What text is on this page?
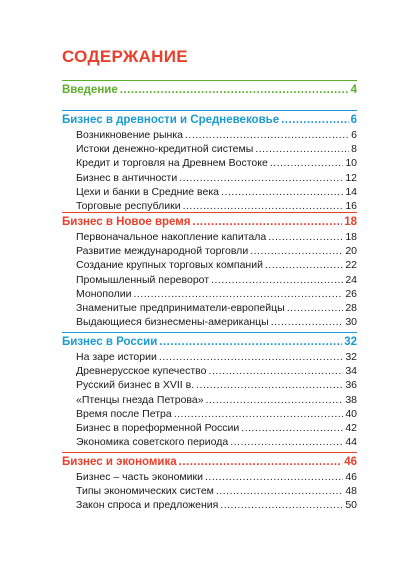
СОДЕРЖАНИЕ
Введение .....	4
Бизнес в древности и Средневековье .....	6
Возникновение рынка .....	6
Истоки денежно-кредитной системы .....	8
Кредит и торговля на Древнем Востоке .....	10
Бизнес в античности .....	12
Цехи и банки в Средние века .....	14
Торговые республики .....	16
Бизнес в Новое время .....	18
Первоначальное накопление капитала .....	18
Развитие международной торговли .....	20
Создание крупных торговых компаний .....	22
Промышленный переворот .....	24
Монополии .....	26
Знаменитые предприниматели-европейцы .....	28
Выдающиеся бизнесмены-американцы .....	30
Бизнес в России .....	32
На заре истории .....	32
Древнерусское купечество .....	34
Русский бизнес в XVII в. .....	36
«Птенцы гнезда Петрова» .....	38
Время после Петра .....	40
Бизнес в пореформенной России .....	42
Экономика советского периода .....	44
Бизнес и экономика .....	46
Бизнес – часть экономики .....	46
Типы экономических систем .....	48
Закон спроса и предложения .....	50
